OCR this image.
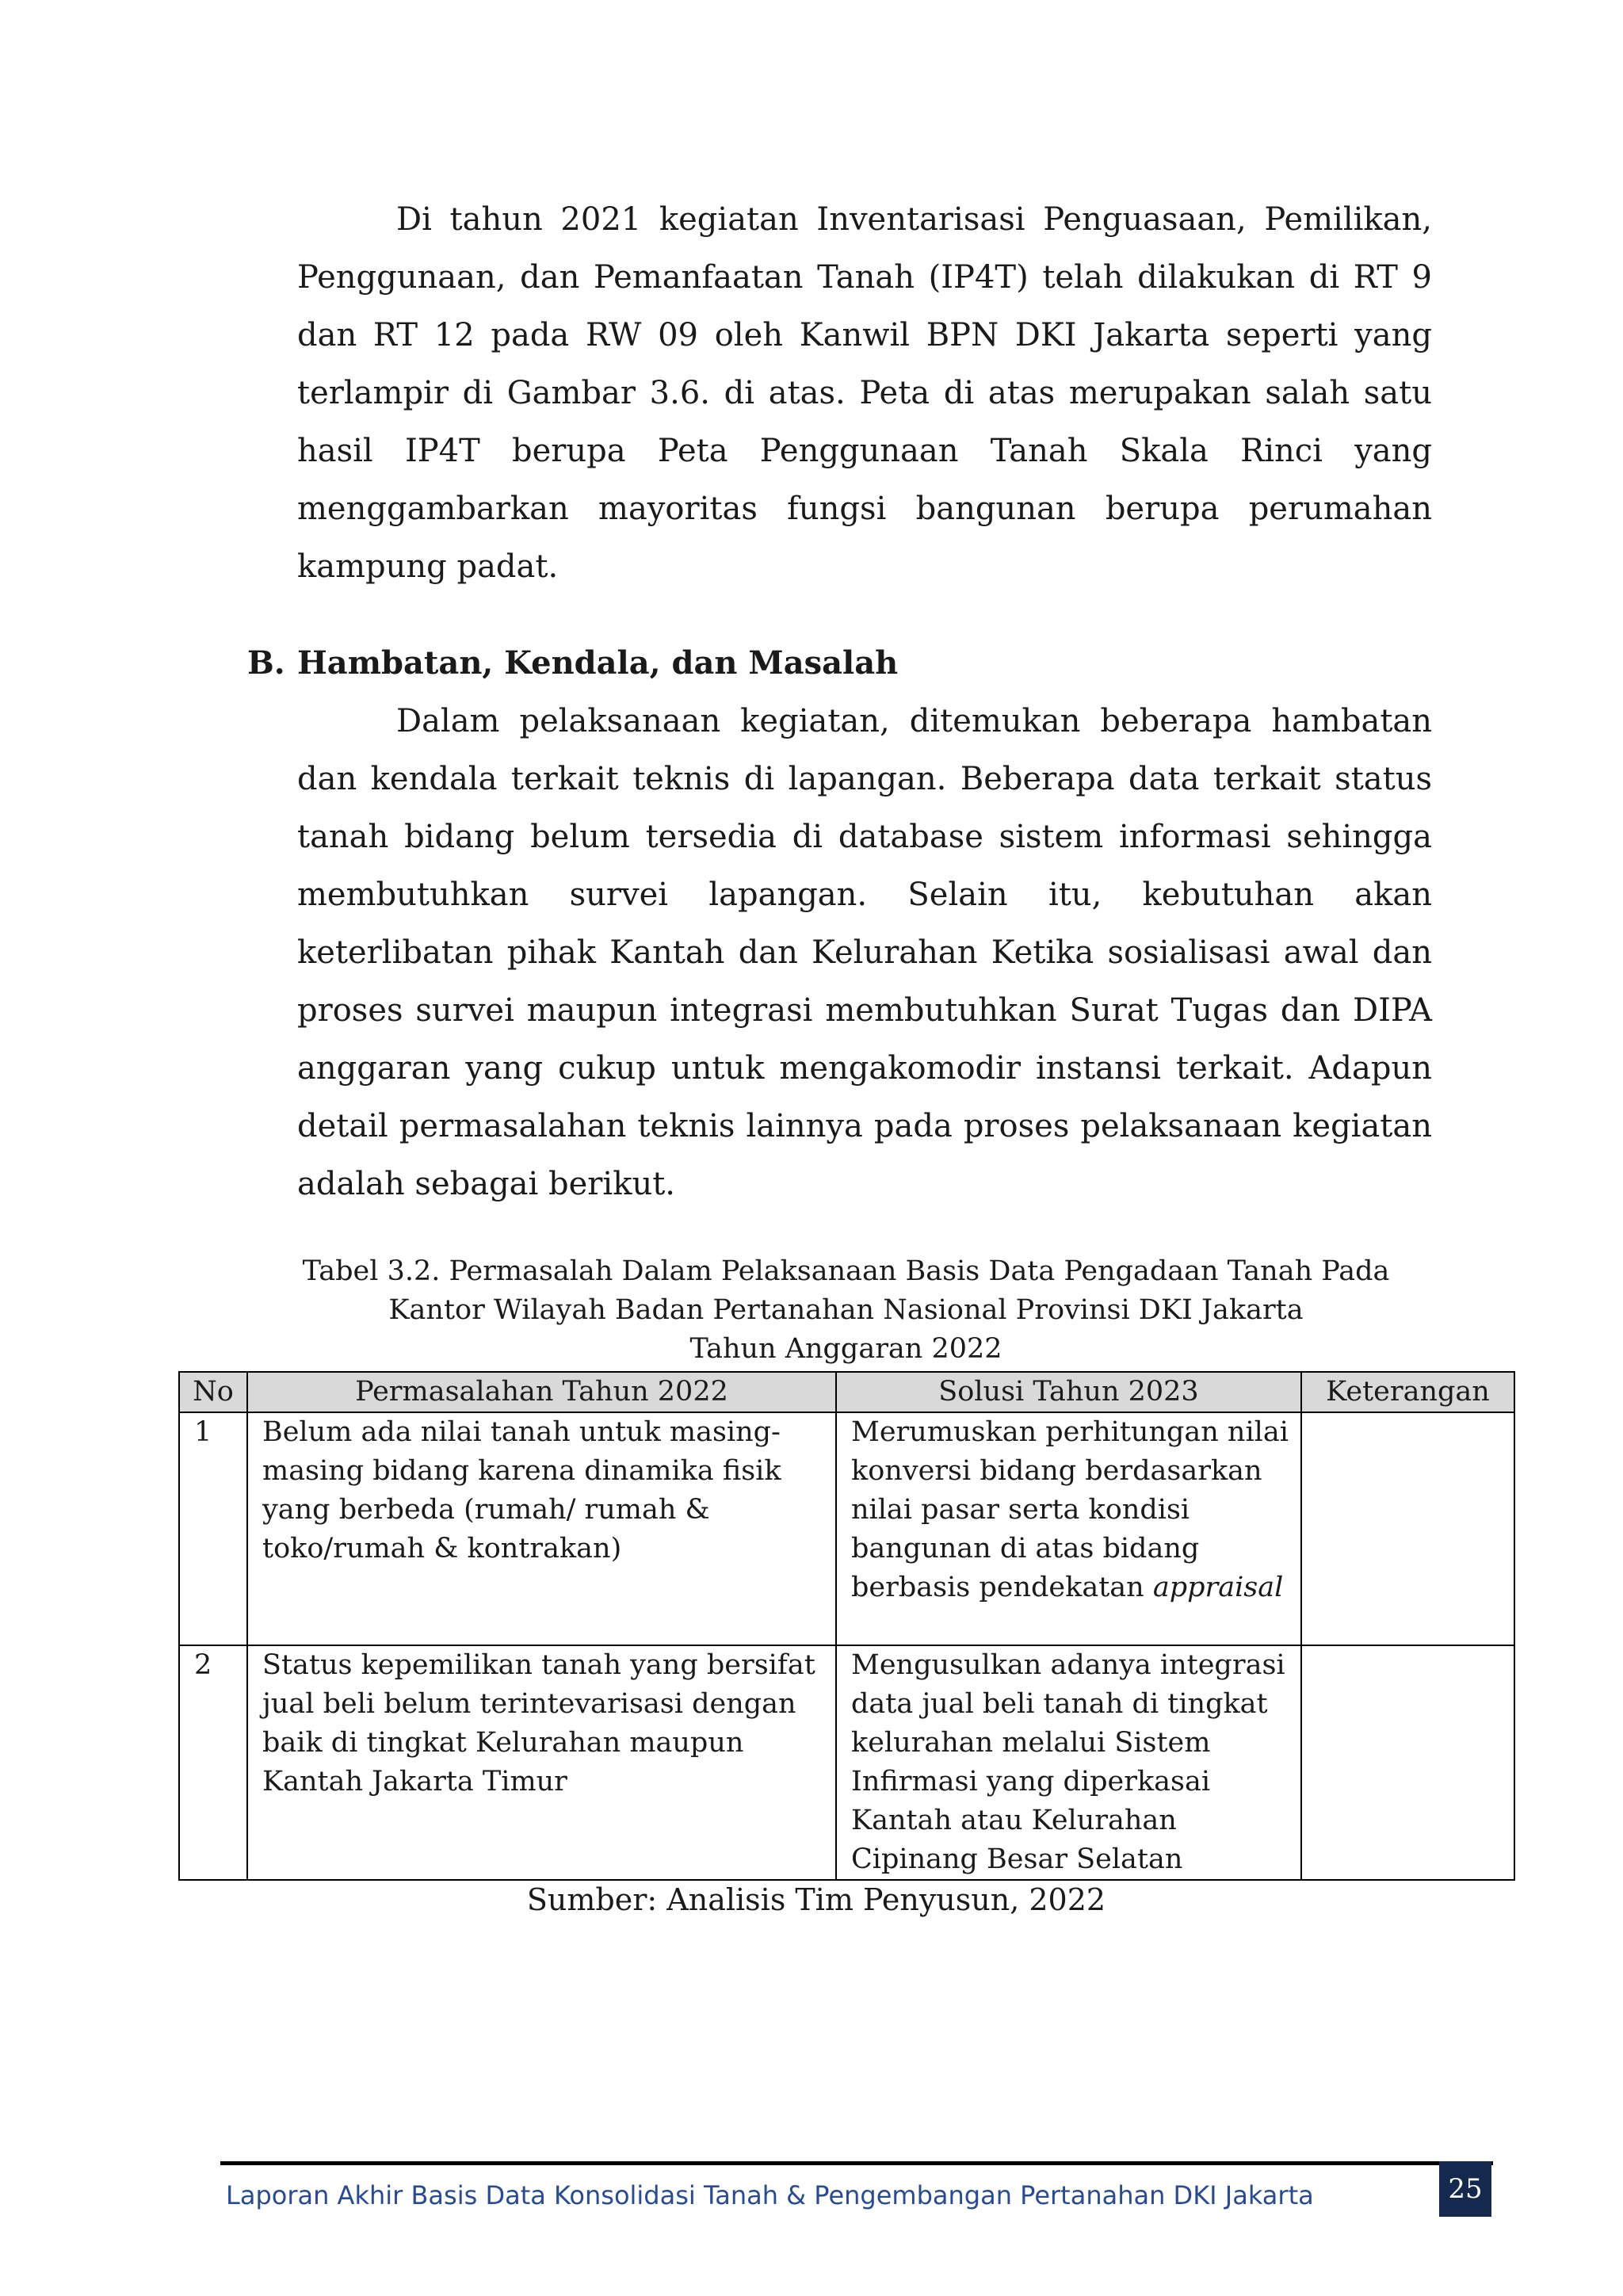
Di tahun 2021 kegiatan Inventarisasi Penguasaan, Pemilikan, Penggunaan, dan Pemanfaatan Tanah (IP4T) telah dilakukan di RT 9 dan RT 12 pada RW 09 oleh Kanwil BPN DKI Jakarta seperti yang terlampir di Gambar 3.6. di atas. Peta di atas merupakan salah satu hasil IP4T berupa Peta Penggunaan Tanah Skala Rinci yang menggambarkan mayoritas fungsi bangunan berupa perumahan kampung padat.

B. Hambatan, Kendala, dan Masalah

Dalam pelaksanaan kegiatan, ditemukan beberapa hambatan dan kendala terkait teknis di lapangan. Beberapa data terkait status tanah bidang belum tersedia di database sistem informasi sehingga membutuhkan survei lapangan. Selain itu, kebutuhan akan keterlibatan pihak Kantah dan Kelurahan Ketika sosialisasi awal dan proses survei maupun integrasi membutuhkan Surat Tugas dan DIPA anggaran yang cukup untuk mengakomodir instansi terkait. Adapun detail permasalahan teknis lainnya pada proses pelaksanaan kegiatan adalah sebagai berikut.

Tabel 3.2. Permasalah Dalam Pelaksanaan Basis Data Pengadaan Tanah Pada
Kantor Wilayah Badan Pertanahan Nasional Provinsi DKI Jakarta
Tahun Anggaran 2022
No	Permasalahan Tahun 2022	Solusi Tahun 2023	Keterangan
1	Belum ada nilai tanah untuk masing-masing bidang karena dinamika fisik yang berbeda (rumah/ rumah & toko/rumah & kontrakan)	Merumuskan perhitungan nilai konversi bidang berdasarkan nilai pasar serta kondisi bangunan di atas bidang berbasis pendekatan appraisal	
2	Status kepemilikan tanah yang bersifat jual beli belum terintevarisasi dengan baik di tingkat Kelurahan maupun Kantah Jakarta Timur	Mengusulkan adanya integrasi data jual beli tanah di tingkat kelurahan melalui Sistem Infirmasi yang diperkasai Kantah atau Kelurahan Cipinang Besar Selatan	
Sumber: Analisis Tim Penyusun, 2022
Laporan Akhir Basis Data Konsolidasi Tanah & Pengembangan Pertanahan DKI Jakarta	25
